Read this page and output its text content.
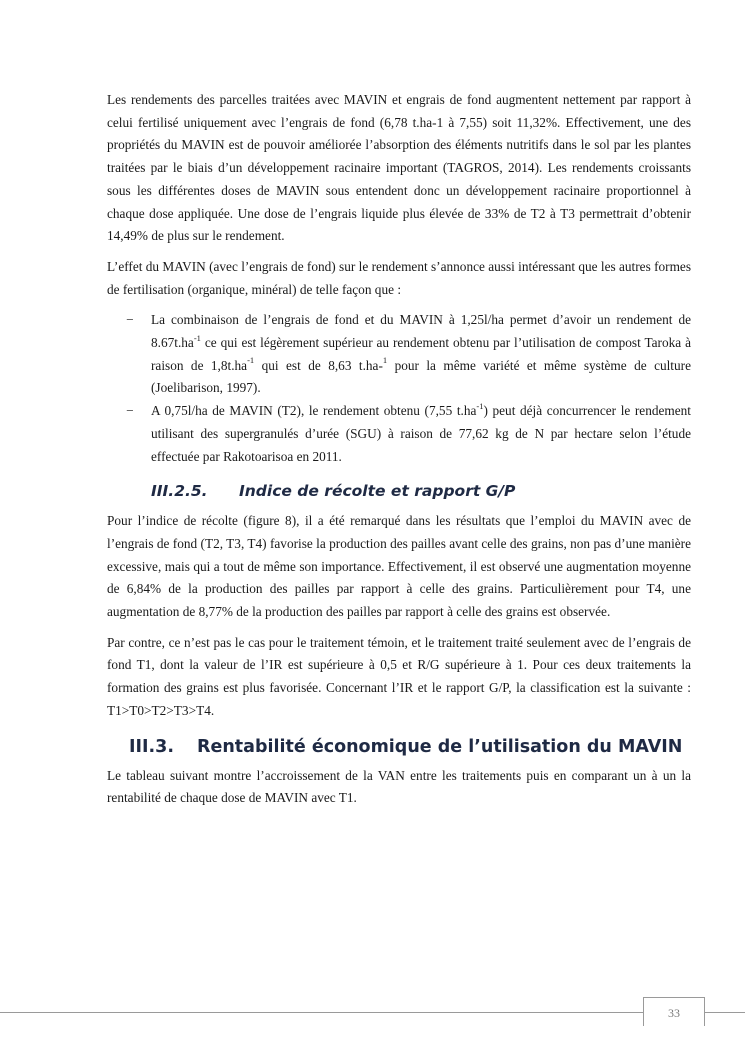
Les rendements des parcelles traitées avec MAVIN et engrais de fond augmentent nettement par rapport à celui fertilisé uniquement avec l’engrais de fond (6,78 t.ha-1 à 7,55) soit 11,32%. Effectivement, une des propriétés du MAVIN est de pouvoir améliorée l’absorption des éléments nutritifs dans le sol par les plantes traitées par le biais d’un développement racinaire important (TAGROS, 2014). Les rendements croissants sous les différentes doses de MAVIN sous entendent donc un développement racinaire proportionnel à chaque dose appliquée. Une dose de l’engrais liquide plus élevée de 33% de T2 à T3 permettrait d’obtenir 14,49% de plus sur le rendement.

L’effet du MAVIN (avec l’engrais de fond) sur le rendement s’annonce aussi intéressant que les autres formes de fertilisation (organique, minéral) de telle façon que :

− La combinaison de l’engrais de fond et du MAVIN à 1,25l/ha permet d’avoir un rendement de $8.67t.ha^{-1}$ ce qui est légèrement supérieur au rendement obtenu par l’utilisation de compost Taroka à raison de $1,8t.ha^{-1}$ qui est de 8,63 t.ha-$^1$ pour la même variété et même système de culture (Joelibarison, 1997).
− A 0,75l/ha de MAVIN (T2), le rendement obtenu (7,55 $t.ha^{-1}$) peut déjà concurrencer le rendement utilisant des supergranulés d’urée (SGU) à raison de 77,62 kg de N par hectare selon l’étude effectuée par Rakotoarisoa en 2011.
III.2.5. Indice de récolte et rapport G/P

Pour l’indice de récolte (figure 8), il a été remarqué dans les résultats que l’emploi du MAVIN avec de l’engrais de fond (T2, T3, T4) favorise la production des pailles avant celle des grains, non pas d’une manière excessive, mais qui a tout de même son importance. Effectivement, il est observé une augmentation moyenne de 6,84% de la production des pailles par rapport à celle des grains. Particulièrement pour T4, une augmentation de 8,77% de la production des pailles par rapport à celle des grains est observée.

Par contre, ce n’est pas le cas pour le traitement témoin, et le traitement traité seulement avec de l’engrais de fond T1, dont la valeur de l’IR est supérieure à 0,5 et R/G supérieure à 1. Pour ces deux traitements la formation des grains est plus favorisée. Concernant l’IR et le rapport G/P, la classification est la suivante : T1>T0>T2>T3>T4.

III.3. Rentabilité économique de l’utilisation du MAVIN

Le tableau suivant montre l’accroissement de la VAN entre les traitements puis en comparant un à un la rentabilité de chaque dose de MAVIN avec T1.

33
